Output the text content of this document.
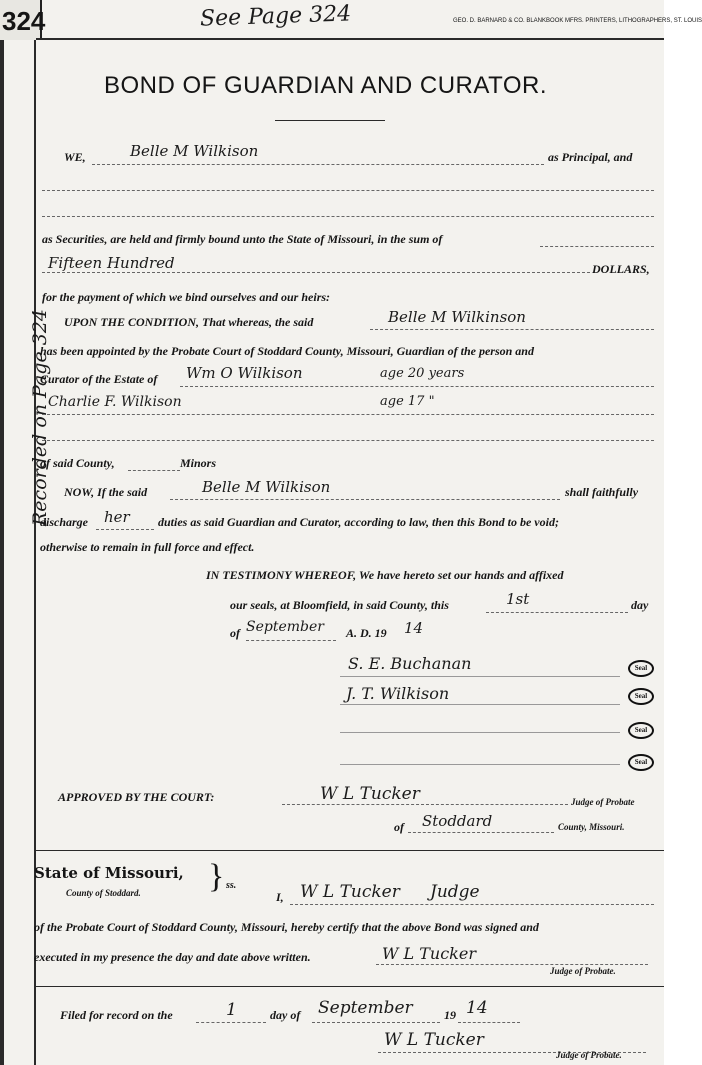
324	See Page 324	GEO. D. BARNARD & CO. BLANKBOOK MFRS. PRINTERS, LITHOGRAPHERS, ST. LOUIS
Recorded on Page 324
BOND OF GUARDIAN AND CURATOR.
WE,	Belle M Wilkison	as Principal, and
as Securities, are held and firmly bound unto the State of Missouri, in the sum of
Fifteen Hundred	DOLLARS,
for the payment of which we bind ourselves and our heirs:
UPON THE CONDITION, That whereas, the said	Belle M Wilkinson
has been appointed by the Probate Court of Stoddard County, Missouri, Guardian of the person and
Curator of the Estate of Wm O Wilkison	age 20 years
Charlie F. Wilkison	age 17 "
of said County,	Minors
NOW, If the said	Belle M Wilkison	shall faithfully
discharge her duties as said Guardian and Curator, according to law, then this Bond to be void;
otherwise to remain in full force and effect.
IN TESTIMONY WHEREOF, We have hereto set our hands and affixed
our seals, at Bloomfield, in said County, this	1st	day
of September A. D. 19 14
S. E. Buchanan	Seal
J. T. Wilkison	Seal
Seal
Seal
APPROVED BY THE COURT:	W L Tucker	Judge of Probate
of Stoddard	County, Missouri.
State of Missouri, } ss.
County of Stoddard.	I, W L Tucker Judge
of the Probate Court of Stoddard County, Missouri, hereby certify that the above Bond was signed and
executed in my presence the day and date above written.	W L Tucker
Judge of Probate.
Filed for record on the	1	day of September	19 14
W L Tucker
Judge of Probate.
